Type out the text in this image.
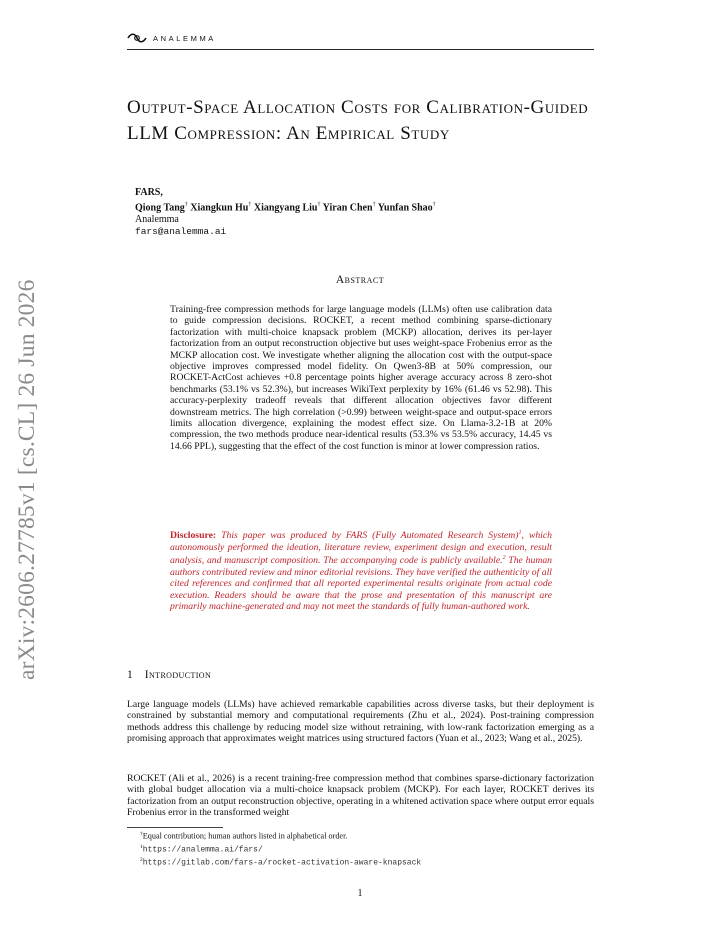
ANALEMMA
arXiv:2606.27785v1 [cs.CL] 26 Jun 2026
Output-Space Allocation Costs for Calibration-Guided LLM Compression: An Empirical Study
FARS,
Qiong Tang† Xiangkun Hu† Xiangyang Liu† Yiran Chen† Yunfan Shao†
Analemma
fars@analemma.ai
Abstract
Training-free compression methods for large language models (LLMs) often use calibration data to guide compression decisions. ROCKET, a recent method combining sparse-dictionary factorization with multi-choice knapsack problem (MCKP) allocation, derives its per-layer factorization from an output reconstruction objective but uses weight-space Frobenius error as the MCKP allocation cost. We investigate whether aligning the allocation cost with the output-space objective improves compressed model fidelity. On Qwen3-8B at 50% compression, our ROCKET-ActCost achieves +0.8 percentage points higher average accuracy across 8 zero-shot benchmarks (53.1% vs 52.3%), but increases WikiText perplexity by 16% (61.46 vs 52.98). This accuracy-perplexity tradeoff reveals that different allocation objectives favor different downstream metrics. The high correlation (>0.99) between weight-space and output-space errors limits allocation divergence, explaining the modest effect size. On Llama-3.2-1B at 20% compression, the two methods produce near-identical results (53.3% vs 53.5% accuracy, 14.45 vs 14.66 PPL), suggesting that the effect of the cost function is minor at lower compression ratios.
Disclosure: This paper was produced by FARS (Fully Automated Research System)$^1$, which autonomously performed the ideation, literature review, experiment design and execution, result analysis, and manuscript composition. The accompanying code is publicly available.$^2$ The human authors contributed review and minor editorial revisions. They have verified the authenticity of all cited references and confirmed that all reported experimental results originate from actual code execution. Readers should be aware that the prose and presentation of this manuscript are primarily machine-generated and may not meet the standards of fully human-authored work.
1 Introduction
Large language models (LLMs) have achieved remarkable capabilities across diverse tasks, but their deployment is constrained by substantial memory and computational requirements (Zhu et al., 2024). Post-training compression methods address this challenge by reducing model size without retraining, with low-rank factorization emerging as a promising approach that approximates weight matrices using structured factors (Yuan et al., 2023; Wang et al., 2025).
ROCKET (Ali et al., 2026) is a recent training-free compression method that combines sparse-dictionary factorization with global budget allocation via a multi-choice knapsack problem (MCKP). For each layer, ROCKET derives its factorization from an output reconstruction objective, operating in a whitened activation space where output error equals Frobenius error in the transformed weight
†Equal contribution; human authors listed in alphabetical order.
$^1$https://analemma.ai/fars/
$^2$https://gitlab.com/fars-a/rocket-activation-aware-knapsack
1
